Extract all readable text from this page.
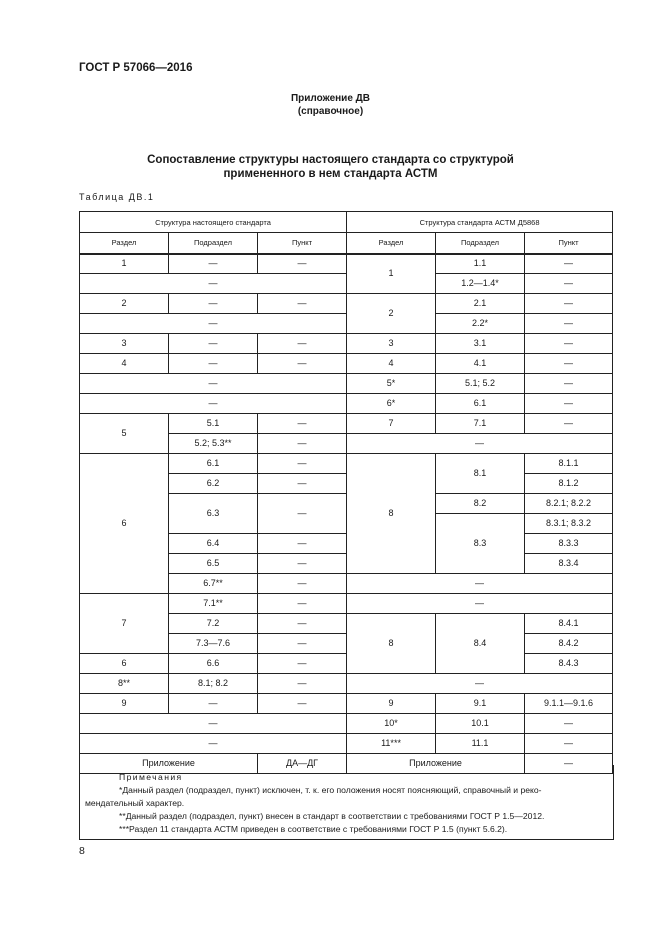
ГОСТ Р 57066—2016
Приложение ДВ
(справочное)
Сопоставление структуры настоящего стандарта со структурой
примененного в нем стандарта АСТМ
Таблица ДВ.1
Структура настоящего стандарта			Структура стандарта АСТМ Д5868		
Раздел	Подраздел	Пункт	Раздел	Подраздел	Пункт
1	—	—	1	1.1	—
—				1.2—1.4*	—
2	—	—	2	2.1	—
—				2.2*	—
3	—	—	3	3.1	—
4	—	—	4	4.1	—
—			5*	5.1; 5.2	—
—			6*	6.1	—
5	5.1	—	7	7.1	—
	5.2; 5.3**	—	—		
6	6.1	—	8	8.1	8.1.1
	6.2	—			8.1.2
	6.3	—		8.2	8.2.1; 8.2.2
				8.3	8.3.1; 8.3.2
	6.4	—			8.3.3
	6.5	—			8.3.4
	6.7**	—	—		
7	7.1**	—	—		
	7.2	—	8	8.4	8.4.1
	7.3—7.6	—			8.4.2
6	6.6	—			8.4.3
8**	8.1; 8.2	—	—		
9	—	—	9	9.1	9.1.1—9.1.6
—			10*	10.1	—
—			11***	11.1	—
Приложение		ДА—ДГ	Приложение		—
Примечания
*Данный раздел (подраздел, пункт) исключен, т. к. его положения носят поясняющий, справочный и реко-
мендательный характер.
**Данный раздел (подраздел, пункт) внесен в стандарт в соответствии с требованиями ГОСТ Р 1.5—2012.
***Раздел 11 стандарта АСТМ приведен в соответствие с требованиями ГОСТ Р 1.5 (пункт 5.6.2).
8
